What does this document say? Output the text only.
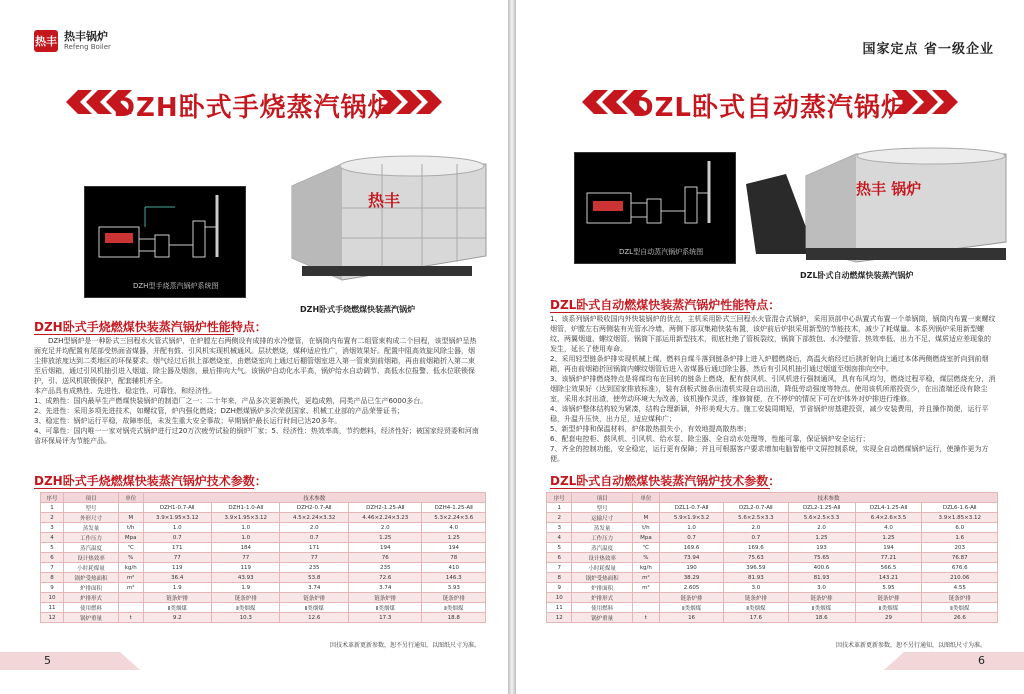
热丰 热丰锅炉
Refeng Boiler
DZH卧式手烧蒸汽锅炉
DZH型手烧蒸汽锅炉系统图
热丰
DZH卧式手烧燃煤快装蒸汽锅炉
DZH卧式手烧燃煤快装蒸汽锅炉性能特点：

DZH型锅炉是一种卧式三回程水火管式锅炉，在炉膛左右两侧设有成排的水冷壁管，在锅筒内布置有二组管束构成二个回程，该型锅炉呈热面充足并均配置有尾部受热面省煤器，并配有鼓、引风机实现机械通风。层状燃烧，煤种适应性广，消烟效果好。配置中阻高效旋风除尘器，烟尘排放浓度达到二类地区的环保要求。烟气经过后拱上部燃烧室，由燃烧室向上通过后棚管烟室进入第一管束到前烟箱，再由前烟箱折入第二束至后烟箱，通过引风机抽引进入烟道、除尘器及烟囱，最后排向大气。该锅炉自动化水平高，锅炉给水自动调节、高低水位报警、低水位联锁保护，引、送风机联锁保护，配套辅机齐全。

本产品具有成熟性、先进性、稳定性、可靠性、和经济性。

1、成熟性：国内最早生产燃煤快装锅炉的制造厂之一；二十年来，产品多次更新换代，更趋成熟，同类产品已生产6000多台。
2、先进性：采用多项先进技术，如螺纹管，炉内强化燃烧；DZH燃煤锅炉多次荣获国家、机械工业部的产品荣誉证书；
3、稳定性：锅炉运行平稳，故障率低，未发生重大安全事故；早期锅炉最长运行时间已达20多年。
4、可靠性：国内唯一一家对锅壳式锅炉进行过20万次疲劳试验的锅炉厂家；5、经济性：热效率高，节约燃料，经济性好；被国家经贸委和河南省环保局评为节能产品。
DZH卧式手烧燃煤快装蒸汽锅炉技术参数：
序号	项目	单位	技术参数				
1	型号		DZH1-0.7-AⅡ	DZH1-1.0-AⅡ	DZH2-0.7-AⅡ	DZH2-1.25-AⅡ	DZH4-1.25-AⅡ
2	外形尺寸	M	3.9×1.95×3.12	3.9×1.95×3.12	4.5×2.24×3.32	4.46×2.24×3.23	5.3×2.24×3.6
3	蒸发量	t/h	1.0	1.0	2.0	2.0	4.0
4	工作压力	Mpa	0.7	1.0	0.7	1.25	1.25
5	蒸汽温度	℃	171	184	171	194	194
6	设计热效率	%	77	77	77	76	78
7	小时耗煤量	kg/h	119	119	235	235	410
8	锅炉受热面积	m²	36.4	43.93	53.8	72.6	146.3
9	炉排面积	m²	1.9	1.9	3.74	3.74	3.93
10	炉排形式		链条炉排	链条炉排	链条炉排	链条炉排	链条炉排
11	使用燃料		Ⅱ类烟煤	Ⅱ类烟煤	Ⅱ类烟煤	Ⅱ类烟煤	Ⅱ类烟煤
12	锅炉重量	t	9.2	10.3	12.6	17.3	18.8
因技术革新更新参数，恕不另行通知，以图纸尺寸为准。
5
国家定点 省一级企业
DZL卧式自动蒸汽锅炉
DZL型自动蒸汽锅炉系统图
热丰 锅炉
DZL卧式自动燃煤快装蒸汽锅炉
DZL卧式自动燃煤快装蒸汽锅炉性能特点：
1、该系列锅炉吸收国内外快装锅炉的优点，主机采用卧式三回程水火管混合式锅炉，采用顶部中心纵置式布置一个单锅筒，锅筒内布置一束螺纹烟管，炉膛左右两侧装有光管水冷墙，两侧下部双集箱快装布置，该炉前后炉拱采用新型的节能技术，减少了耗煤量。本系列锅炉采用新型螺纹、两翼烟道、螺纹烟管，锅筒下部运用新型技术，彻底杜绝了管板裂纹，锅筒下部鼓包、水冷壁管、热效率低、出力不足、煤质适应差现象的发生，延长了使用寿命。
2、采用轻型链条炉排实现机械上煤，燃料自煤斗落到链条炉排上进入炉膛燃烧后，高温火焰经过后拱折射向上通过本体两侧燃烧室折向到前烟箱，再由前烟箱折回锅筒内螺纹烟管后进入省煤器后通过除尘器，然后有引风机抽引通过烟道至烟囱排向空中。
3、该锅炉炉排燃烧特点是将煤均布在回转的链条上燃烧，配有鼓风机、引风机进行强制通风，具有布风均匀，燃烧过程平稳，煤层燃烧充分，消烟除尘效果好（达到国家排放标准），装有刮板式链条出渣机实现自动出渣，降低劳动强度等特点。使用该机所需投资少，在出渣端还设有除尘室，采用水封出渣，使劳动环境大为改善，该机操作灵活，维修简便，在不停炉的情况下可在炉体外对炉排进行维修。
4、该锅炉整体结构较为紧凑，结构合理新颖，外形美观大方。施工安装周期短，节省锅炉房基建投资，减少安装费用，并且操作简便，运行平稳，升温升压快，出力足，适应煤种广；
5、新型炉排和保温材料，炉体散热损失小，有效地提高散热率；
6、配套电控柜、鼓风机、引风机、给水泵、除尘器、全自动水处理等，性能可靠，保证锅炉安全运行；
7、齐全的控制功能，安全稳定，运行更有保障；并且可根据客户要求增加电脑智能中文屏控制系统，实现全自动燃煤锅炉运行，使操作更为方便。
DZL卧式自动燃煤快装蒸汽锅炉技术参数：
序号	项目	单位	技术参数				
1	型号		DZL1-0.7-AⅡ	DZL2-0.7-AⅡ	DZL2-1.25-AⅡ	DZL4-1.25-AⅡ	DZL6-1.6-AⅡ
2	运输尺寸	M	5.9×1.9×3.2	5.6×2.5×3.3	5.6×2.5×3.3	6.4×2.6×3.5	3.9×1.85×3.12
3	蒸发量	t/h	1.0	2.0	2.0	4.0	6.0
4	工作压力	Mpa	0.7	0.7	1.25	1.25	1.6
5	蒸汽温度	℃	169.6	169.6	193	194	203
6	设计热效率	%	73.94	75.63	75.65	77.21	76.87
7	小时耗煤量	kg/h	190	396.59	400.6	566.5	676.6
8	锅炉受热面积	m²	38.29	81.93	81.93	143.21	210.06
9	炉排面积	m²	2.605	3.0	3.0	5.95	4.55
10	炉排形式		链条炉排	链条炉排	链条炉排	链条炉排	链条炉排
11	使用燃料		Ⅱ类烟煤	Ⅱ类烟煤	Ⅱ类烟煤	Ⅱ类烟煤	Ⅱ类烟煤
12	锅炉重量	t	16	17.6	18.6	29	26.6
因技术革新更新参数，恕不另行通知，以图纸尺寸为准。
6
